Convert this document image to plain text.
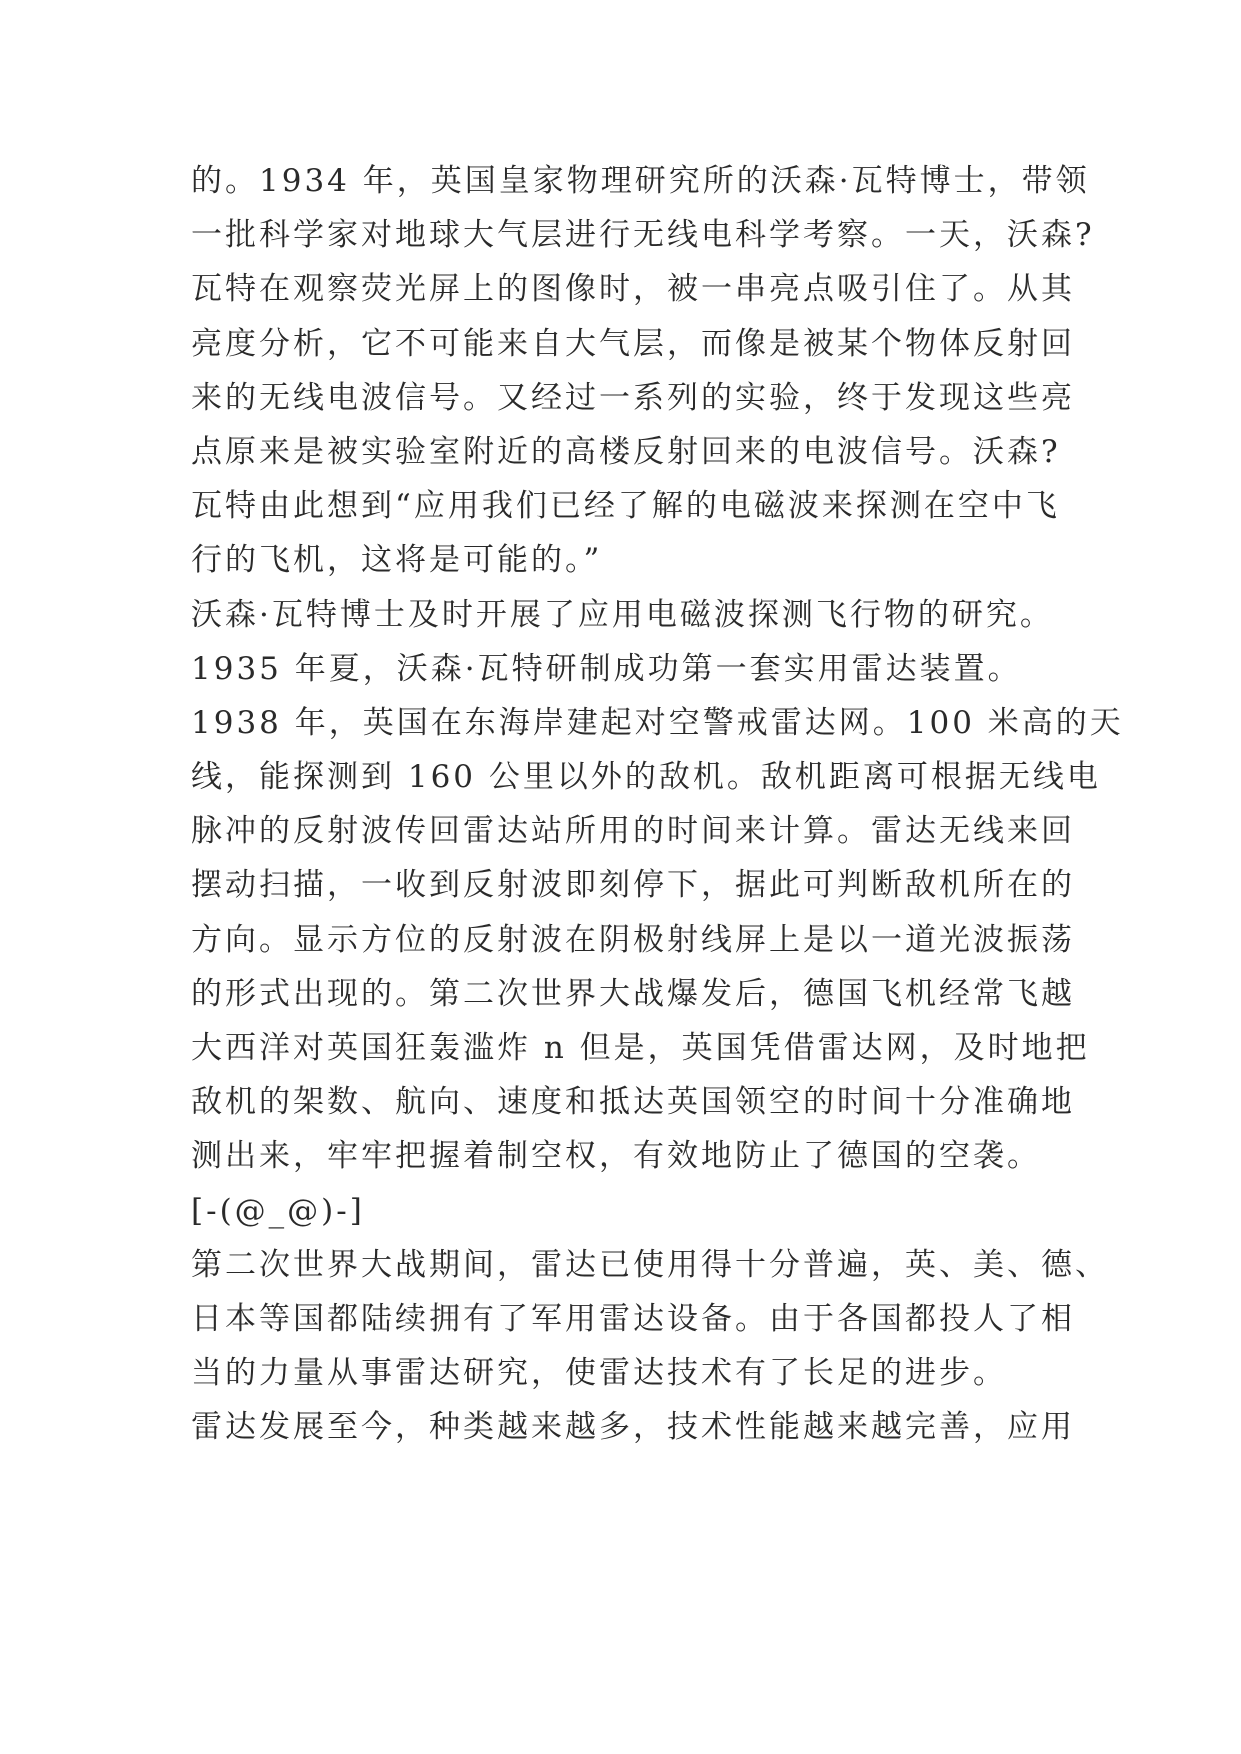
的。1934 年，英国皇家物理研究所的沃森·瓦特博士，带领
一批科学家对地球大气层进行无线电科学考察。一天，沃森?
瓦特在观察荧光屏上的图像时，被一串亮点吸引住了。从其
亮度分析，它不可能来自大气层，而像是被某个物体反射回
来的无线电波信号。又经过一系列的实验，终于发现这些亮
点原来是被实验室附近的高楼反射回来的电波信号。沃森?
瓦特由此想到“应用我们已经了解的电磁波来探测在空中飞
行的飞机，这将是可能的。”
沃森·瓦特博士及时开展了应用电磁波探测飞行物的研究。
1935 年夏，沃森·瓦特研制成功第一套实用雷达装置。
1938 年，英国在东海岸建起对空警戒雷达网。100 米高的天
线，能探测到 160 公里以外的敌机。敌机距离可根据无线电
脉冲的反射波传回雷达站所用的时间来计算。雷达无线来回
摆动扫描，一收到反射波即刻停下，据此可判断敌机所在的
方向。显示方位的反射波在阴极射线屏上是以一道光波振荡
的形式出现的。第二次世界大战爆发后，德国飞机经常飞越
大西洋对英国狂轰滥炸 n 但是，英国凭借雷达网，及时地把
敌机的架数、航向、速度和抵达英国领空的时间十分准确地
测出来，牢牢把握着制空权，有效地防止了德国的空袭。
[-(@_@)-]
第二次世界大战期间，雷达已使用得十分普遍，英、美、德、
日本等国都陆续拥有了军用雷达设备。由于各国都投人了相
当的力量从事雷达研究，使雷达技术有了长足的进步。
雷达发展至今，种类越来越多，技术性能越来越完善，应用
